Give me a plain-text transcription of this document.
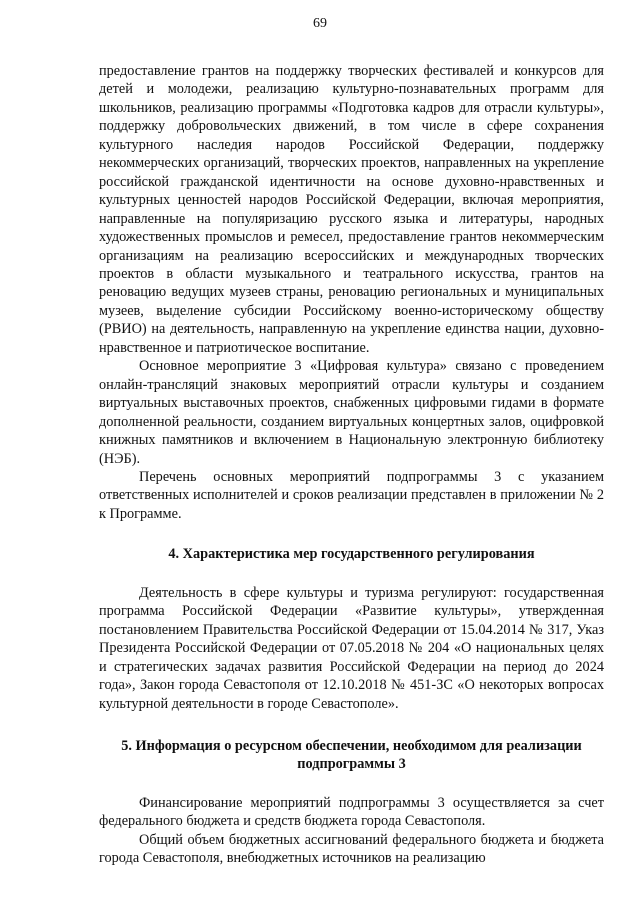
69

предоставление грантов на поддержку творческих фестивалей и конкурсов для детей и молодежи, реализацию культурно-познавательных программ для школьников, реализацию программы «Подготовка кадров для отрасли культуры», поддержку добровольческих движений, в том числе в сфере сохранения культурного наследия народов Российской Федерации, поддержку некоммерческих организаций, творческих проектов, направленных на укрепление российской гражданской идентичности на основе духовно-нравственных и культурных ценностей народов Российской Федерации, включая мероприятия, направленные на популяризацию русского языка и литературы, народных художественных промыслов и ремесел, предоставление грантов некоммерческим организациям на реализацию всероссийских и международных творческих проектов в области музыкального и театрального искусства, грантов на реновацию ведущих музеев страны, реновацию региональных и муниципальных музеев, выделение субсидии Российскому военно-историческому обществу (РВИО) на деятельность, направленную на укрепление единства нации, духовно-нравственное и патриотическое воспитание.

Основное мероприятие 3 «Цифровая культура» связано с проведением онлайн-трансляций знаковых мероприятий отрасли культуры и созданием виртуальных выставочных проектов, снабженных цифровыми гидами в формате дополненной реальности, созданием виртуальных концертных залов, оцифровкой книжных памятников и включением в Национальную электронную библиотеку (НЭБ).

Перечень основных мероприятий подпрограммы 3 с указанием ответственных исполнителей и сроков реализации представлен в приложении № 2 к Программе.

4. Характеристика мер государственного регулирования

Деятельность в сфере культуры и туризма регулируют: государственная программа Российской Федерации «Развитие культуры», утвержденная постановлением Правительства Российской Федерации от 15.04.2014 № 317, Указ Президента Российской Федерации от 07.05.2018 № 204 «О национальных целях и стратегических задачах развития Российской Федерации на период до 2024 года», Закон города Севастополя от 12.10.2018 № 451-ЗС «О некоторых вопросах культурной деятельности в городе Севастополе».

5. Информация о ресурсном обеспечении, необходимом для реализации
подпрограммы 3

Финансирование мероприятий подпрограммы 3 осуществляется за счет федерального бюджета и средств бюджета города Севастополя.

Общий объем бюджетных ассигнований федерального бюджета и бюджета города Севастополя, внебюджетных источников на реализацию
